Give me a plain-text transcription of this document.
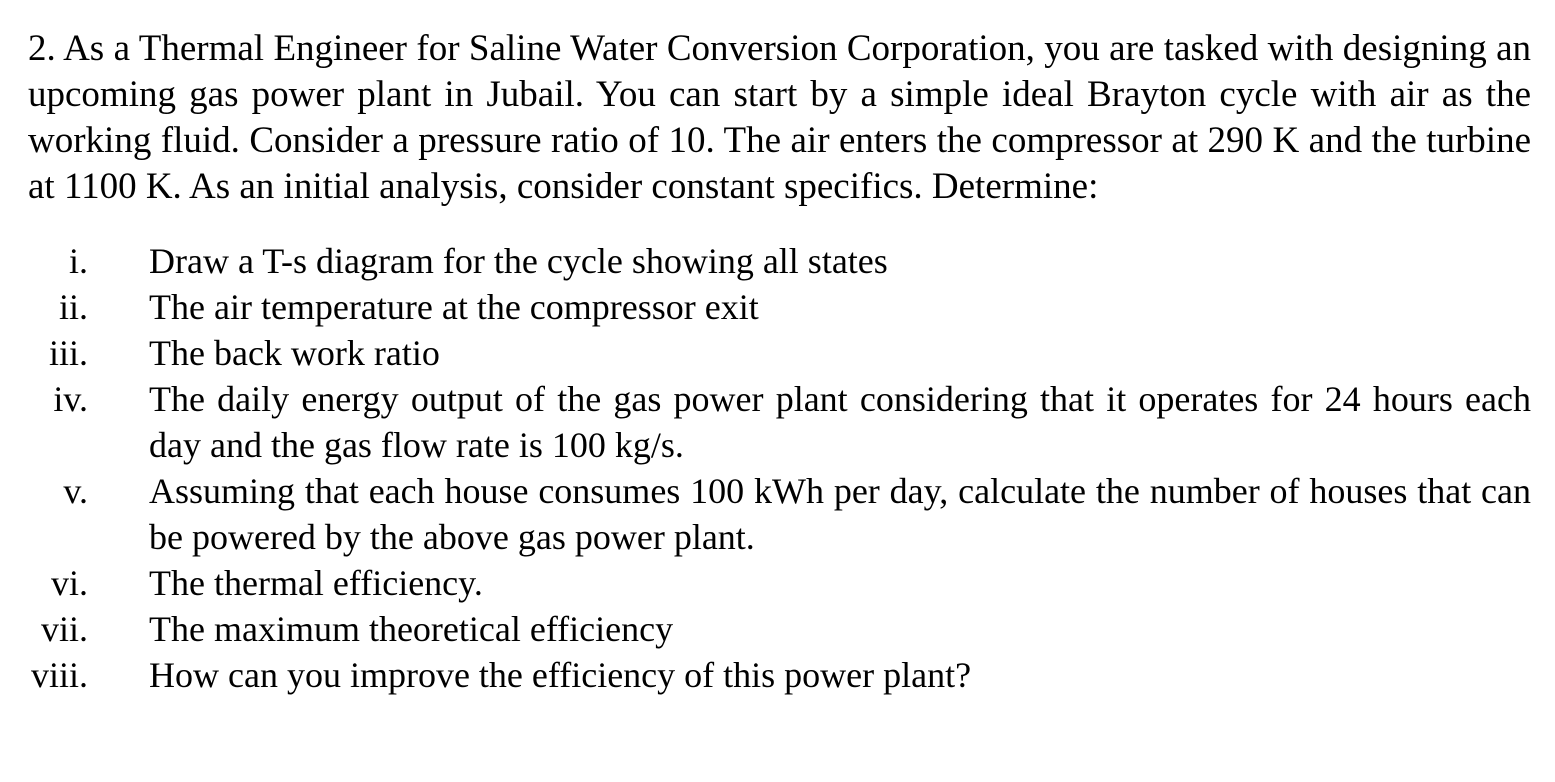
2. As a Thermal Engineer for Saline Water Conversion Corporation, you are tasked with designing an upcoming gas power plant in Jubail. You can start by a simple ideal Brayton cycle with air as the working fluid. Consider a pressure ratio of 10. The air enters the compressor at 290 K and the turbine at 1100 K. As an initial analysis, consider constant specifics. Determine:

i. Draw a T-s diagram for the cycle showing all states
ii. The air temperature at the compressor exit
iii. The back work ratio
iv. The daily energy output of the gas power plant considering that it operates for 24 hours each day and the gas flow rate is 100 kg/s.
v. Assuming that each house consumes 100 kWh per day, calculate the number of houses that can be powered by the above gas power plant.
vi. The thermal efficiency.
vii. The maximum theoretical efficiency
viii. How can you improve the efficiency of this power plant?
